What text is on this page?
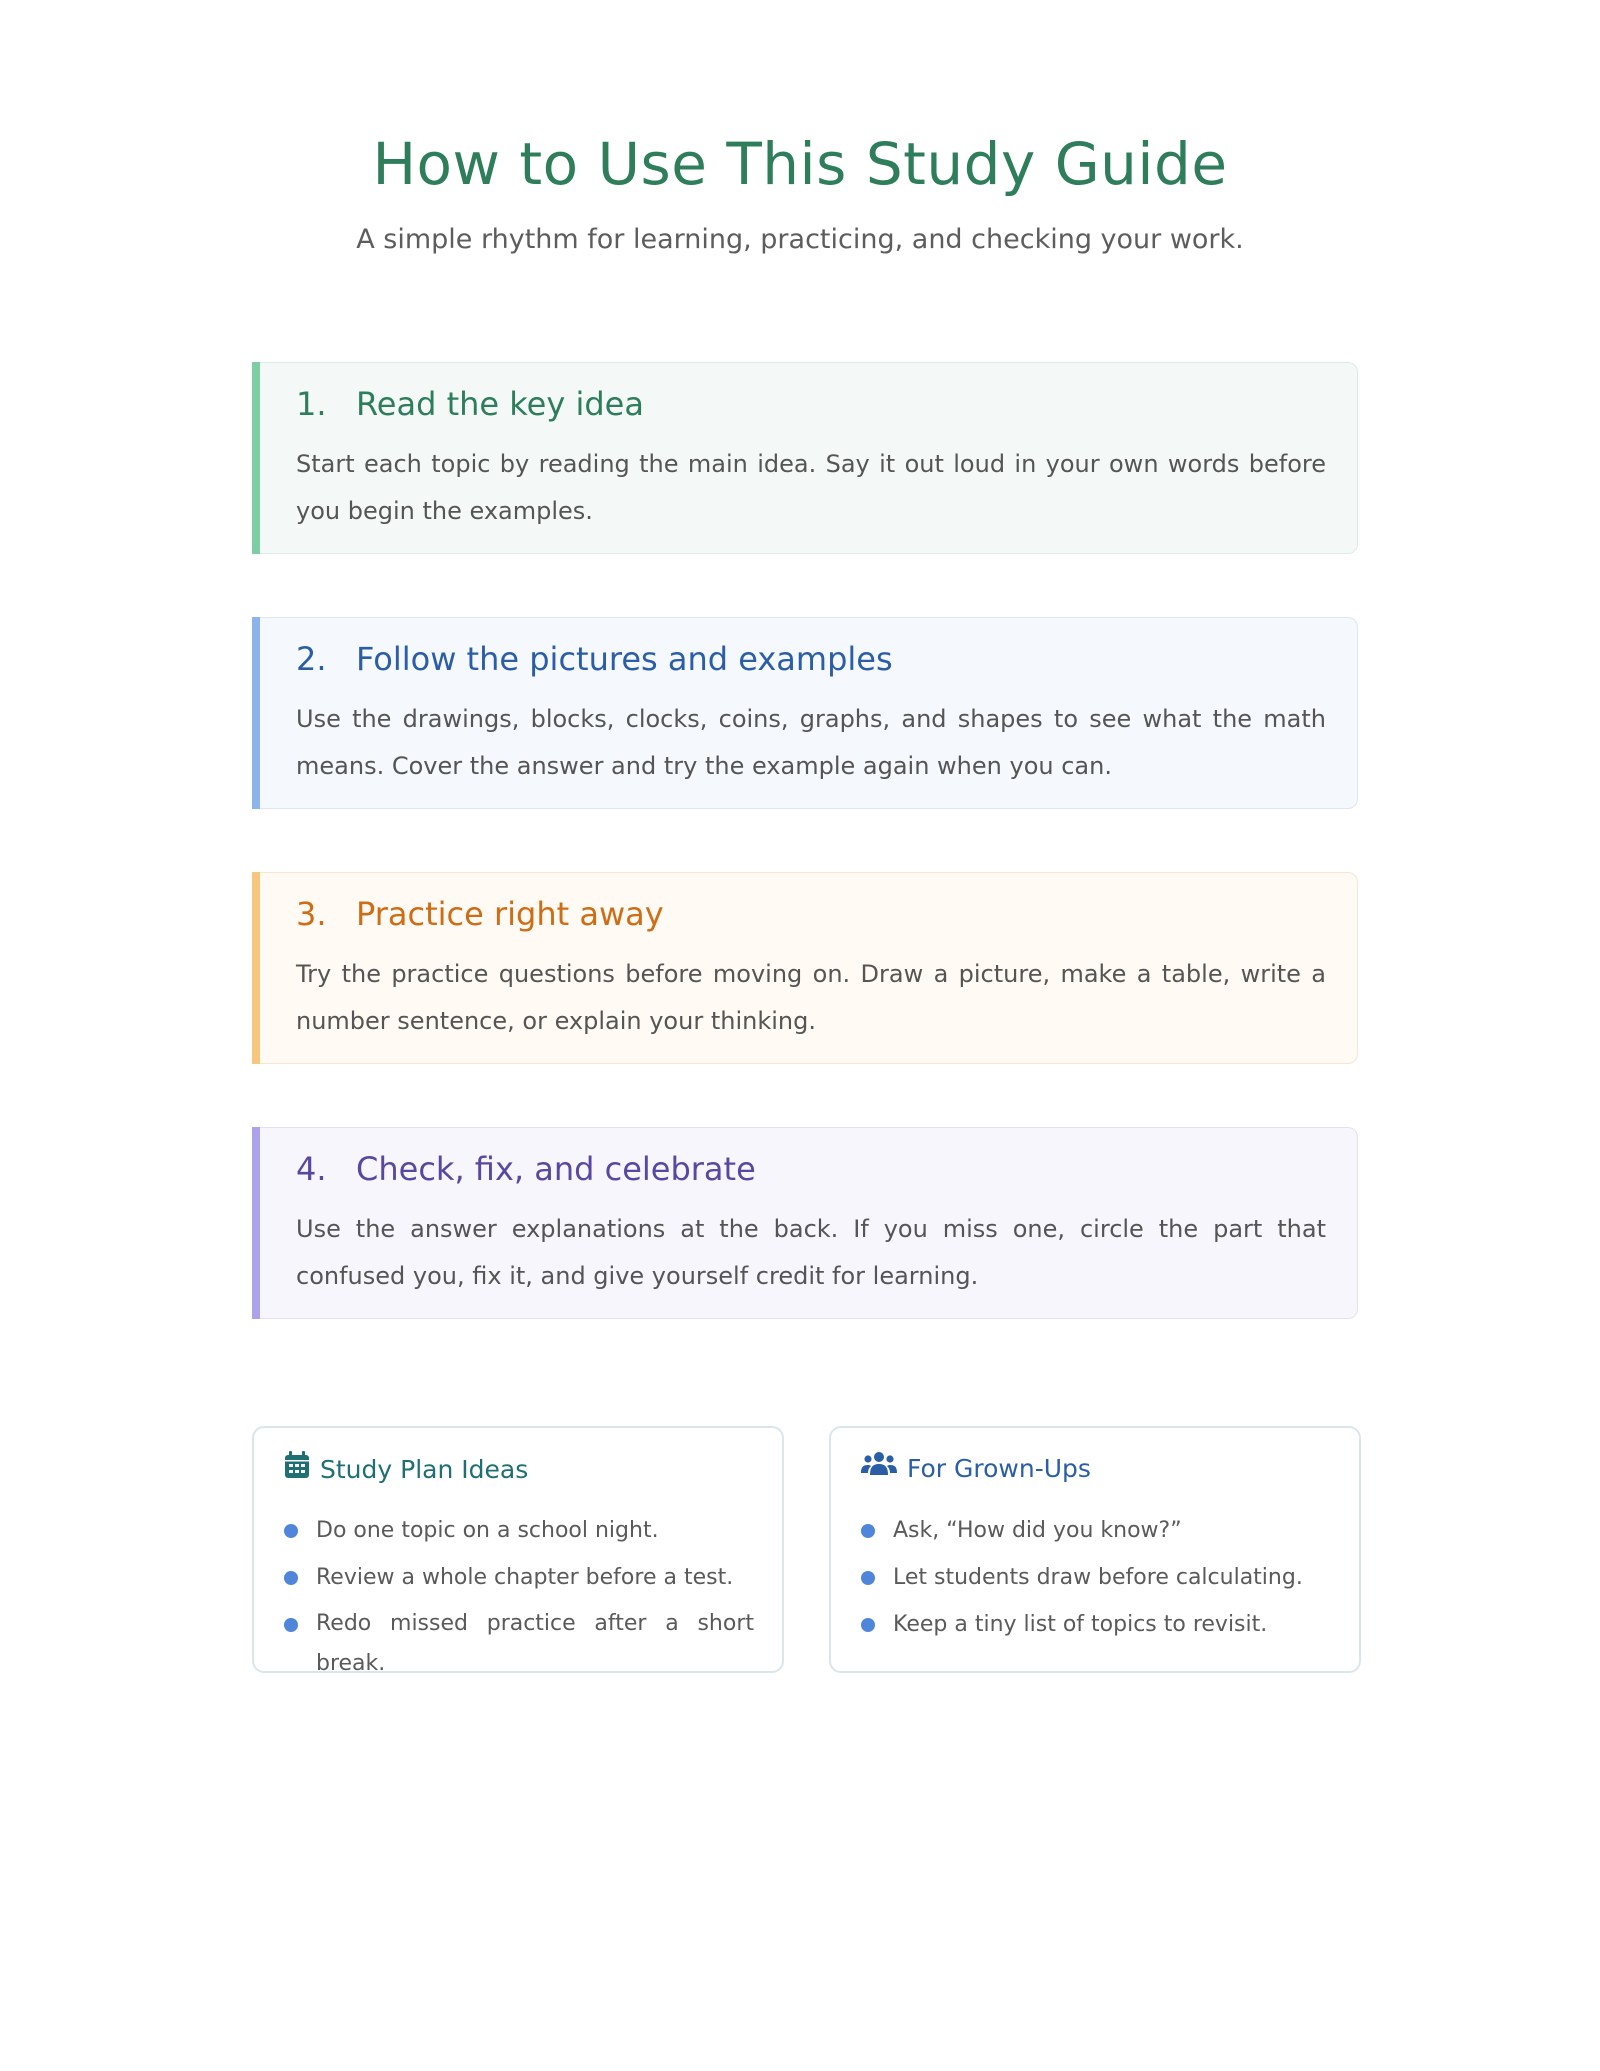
How to Use This Study Guide

A simple rhythm for learning, practicing, and checking your work.

1. Read the key idea
Start each topic by reading the main idea. Say it out loud in your own words before you begin the examples.
2. Follow the pictures and examples
Use the drawings, blocks, clocks, coins, graphs, and shapes to see what the math means. Cover the answer and try the example again when you can.
3. Practice right away
Try the practice questions before moving on. Draw a picture, make a table, write a number sentence, or explain your thinking.
4. Check, fix, and celebrate
Use the answer explanations at the back. If you miss one, circle the part that confused you, fix it, and give yourself credit for learning.
Study Plan Ideas
Do one topic on a school night.
Review a whole chapter before a test.
Redo missed practice after a short break.
For Grown-Ups
Ask, “How did you know?”
Let students draw before calculating.
Keep a tiny list of topics to revisit.
